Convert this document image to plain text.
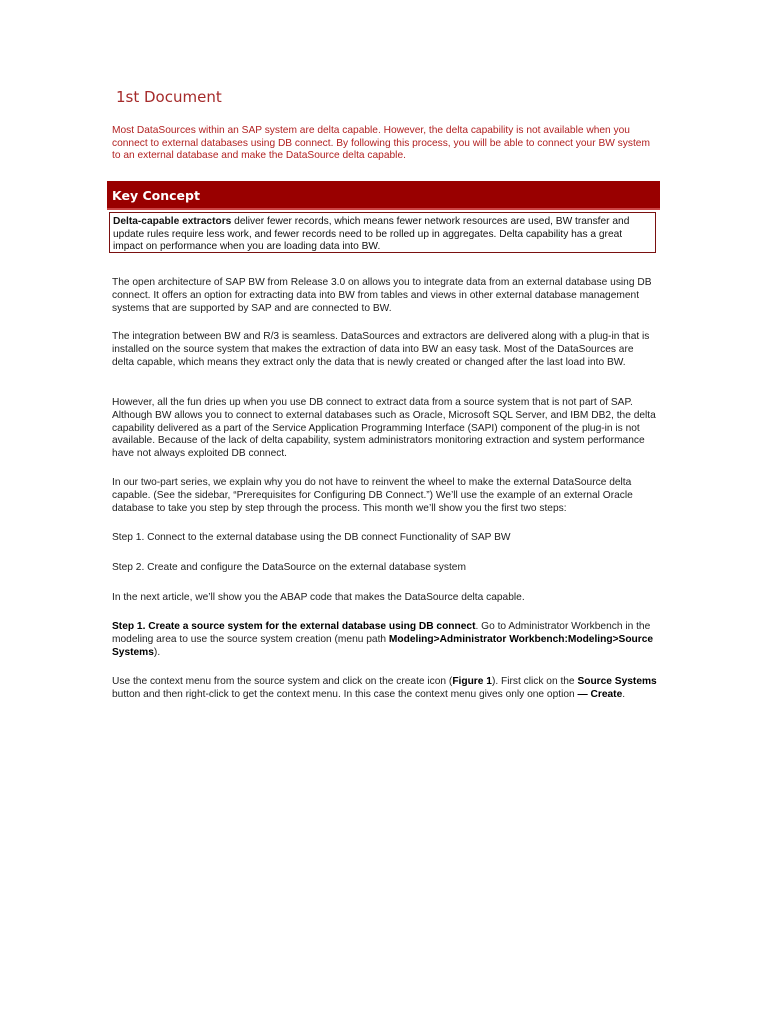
1st Document

Most DataSources within an SAP system are delta capable. However, the delta capability is not available when you connect to external databases using DB connect. By following this process, you will be able to connect your BW system to an external database and make the DataSource delta capable.

Key Concept
Delta-capable extractors deliver fewer records, which means fewer network resources are used, BW transfer and update rules require less work, and fewer records need to be rolled up in aggregates. Delta capability has a great impact on performance when you are loading data into BW.

The open architecture of SAP BW from Release 3.0 on allows you to integrate data from an external database using DB connect. It offers an option for extracting data into BW from tables and views in other external database management systems that are supported by SAP and are connected to BW.

The integration between BW and R/3 is seamless. DataSources and extractors are delivered along with a plug-in that is installed on the source system that makes the extraction of data into BW an easy task. Most of the DataSources are delta capable, which means they extract only the data that is newly created or changed after the last load into BW.

However, all the fun dries up when you use DB connect to extract data from a source system that is not part of SAP. Although BW allows you to connect to external databases such as Oracle, Microsoft SQL Server, and IBM DB2, the delta capability delivered as a part of the Service Application Programming Interface (SAPI) component of the plug-in is not available. Because of the lack of delta capability, system administrators monitoring extraction and system performance have not always exploited DB connect.

In our two-part series, we explain why you do not have to reinvent the wheel to make the external DataSource delta capable. (See the sidebar, “Prerequisites for Configuring DB Connect.”) We’ll use the example of an external Oracle database to take you step by step through the process. This month we’ll show you the first two steps:

Step 1. Connect to the external database using the DB connect Functionality of SAP BW

Step 2. Create and configure the DataSource on the external database system

In the next article, we’ll show you the ABAP code that makes the DataSource delta capable.

Step 1. Create a source system for the external database using DB connect. Go to Administrator Workbench in the modeling area to use the source system creation (menu path Modeling>Administrator Workbench:Modeling>Source Systems).

Use the context menu from the source system and click on the create icon (Figure 1). First click on the Source Systems button and then right-click to get the context menu. In this case the context menu gives only one option — Create.
